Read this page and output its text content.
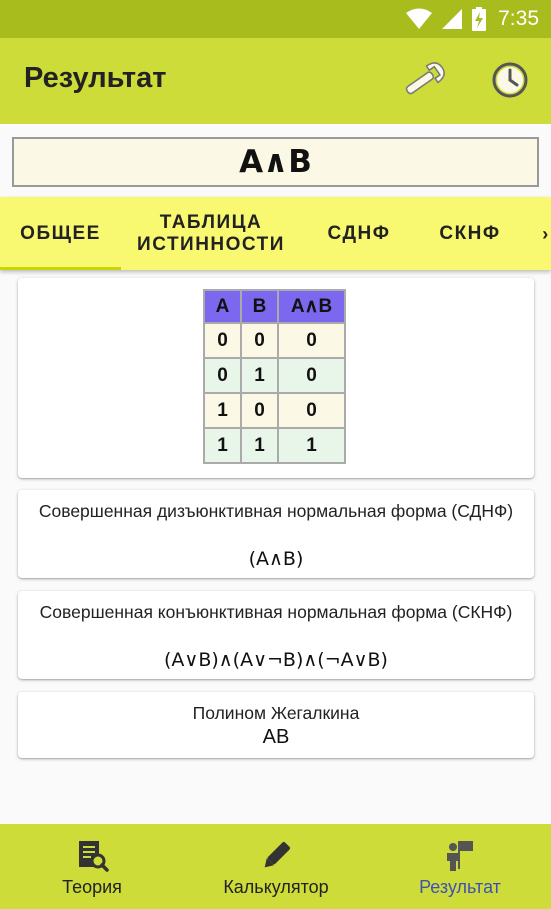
7:35
Результат
A∧B
ОБЩЕЕ
ТАБЛИЦА ИСТИННОСТИ
СДНФ	СКНФ	›
A	B	A∧B
0	0	0
0	1	0
1	0	0
1	1	1
Совершенная дизъюнктивная нормальная форма (СДНФ)
(A∧B)
Совершенная конъюнктивная нормальная форма (СКНФ)
(A∨B)∧(A∨¬B)∧(¬A∨B)
Полином Жегалкина
AB
Теория	Калькулятор	Результат
